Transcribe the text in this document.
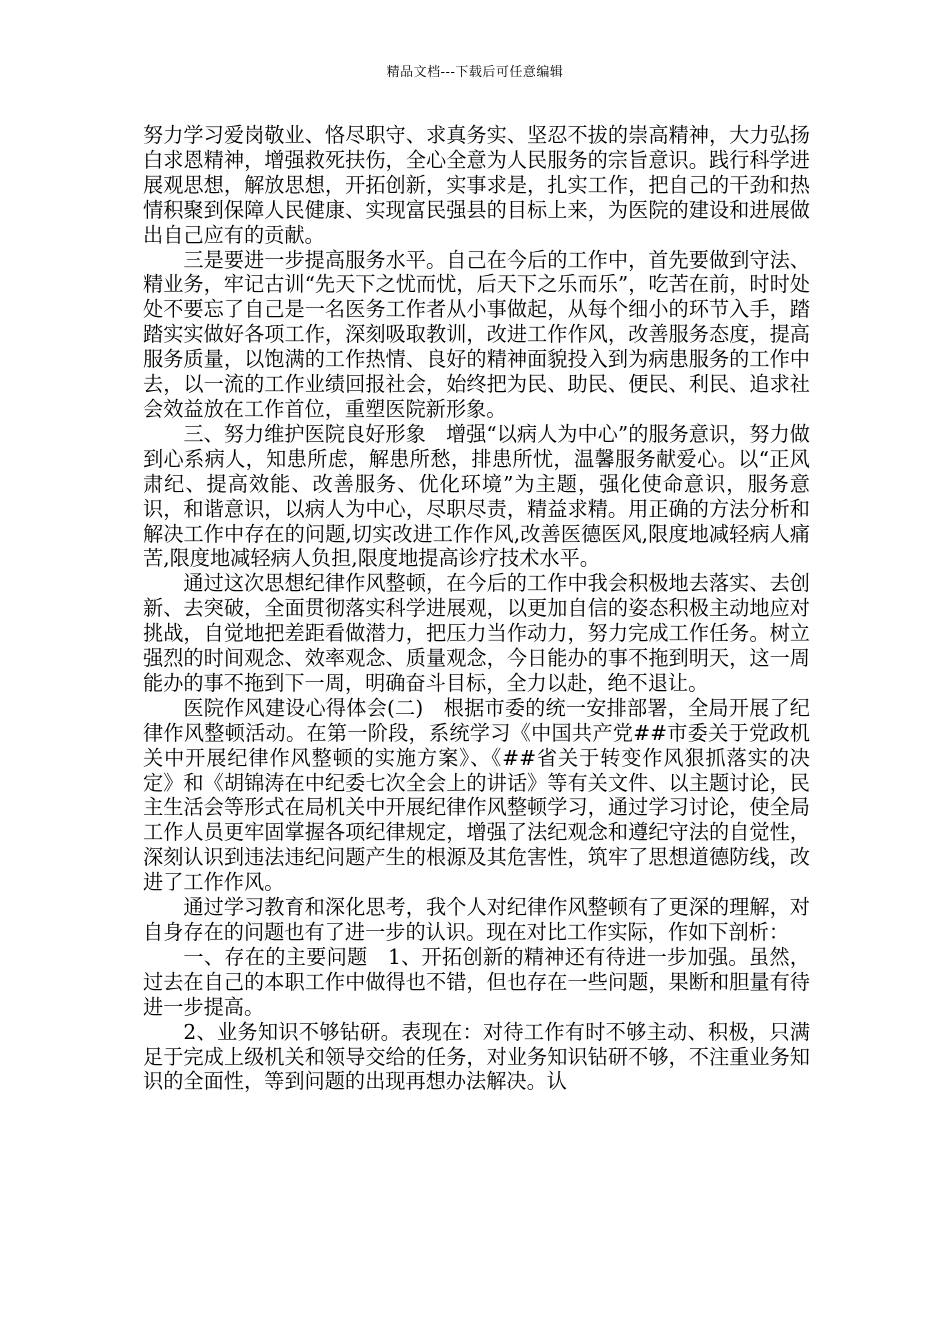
精品文档---下载后可任意编辑

努力学习爱岗敬业、恪尽职守、求真务实、坚忍不拔的崇高精神，大力弘扬白求恩精神，增强救死扶伤，全心全意为人民服务的宗旨意识。践行科学进展观思想，解放思想，开拓创新，实事求是，扎实工作，把自己的干劲和热情积聚到保障人民健康、实现富民强县的目标上来，为医院的建设和进展做出自己应有的贡献。

三是要进一步提高服务水平。自己在今后的工作中，首先要做到守法、精业务，牢记古训“先天下之忧而忧，后天下之乐而乐”，吃苦在前，时时处处不要忘了自己是一名医务工作者从小事做起，从每个细小的环节入手，踏踏实实做好各项工作，深刻吸取教训，改进工作作风，改善服务态度，提高服务质量，以饱满的工作热情、良好的精神面貌投入到为病患服务的工作中去，以一流的工作业绩回报社会，始终把为民、助民、便民、利民、追求社会效益放在工作首位，重塑医院新形象。

三、努力维护医院良好形象　增强“以病人为中心”的服务意识，努力做到心系病人，知患所虑，解患所愁，排患所忧，温馨服务献爱心。以“正风肃纪、提高效能、改善服务、优化环境”为主题，强化使命意识，服务意识，和谐意识，以病人为中心，尽职尽责，精益求精。用正确的方法分析和解决工作中存在的问题,切实改进工作作风,改善医德医风,限度地减轻病人痛苦,限度地减轻病人负担,限度地提高诊疗技术水平。

通过这次思想纪律作风整顿，在今后的工作中我会积极地去落实、去创新、去突破，全面贯彻落实科学进展观，以更加自信的姿态积极主动地应对挑战，自觉地把差距看做潜力，把压力当作动力，努力完成工作任务。树立强烈的时间观念、效率观念、质量观念，今日能办的事不拖到明天，这一周能办的事不拖到下一周，明确奋斗目标，全力以赴，绝不退让。

医院作风建设心得体会(二)　根据市委的统一安排部署，全局开展了纪律作风整顿活动。在第一阶段，系统学习《中国共产党##市委关于党政机关中开展纪律作风整顿的实施方案》、《##省关于转变作风狠抓落实的决定》和《胡锦涛在中纪委七次全会上的讲话》等有关文件、以主题讨论，民主生活会等形式在局机关中开展纪律作风整顿学习，通过学习讨论，使全局工作人员更牢固掌握各项纪律规定，增强了法纪观念和遵纪守法的自觉性，深刻认识到违法违纪问题产生的根源及其危害性，筑牢了思想道德防线，改进了工作作风。

通过学习教育和深化思考，我个人对纪律作风整顿有了更深的理解，对自身存在的问题也有了进一步的认识。现在对比工作实际，作如下剖析：

一、存在的主要问题　1、开拓创新的精神还有待进一步加强。虽然，过去在自己的本职工作中做得也不错，但也存在一些问题，果断和胆量有待进一步提高。

2、业务知识不够钻研。表现在：对待工作有时不够主动、积极，只满足于完成上级机关和领导交给的任务，对业务知识钻研不够，不注重业务知识的全面性，等到问题的出现再想办法解决。认
